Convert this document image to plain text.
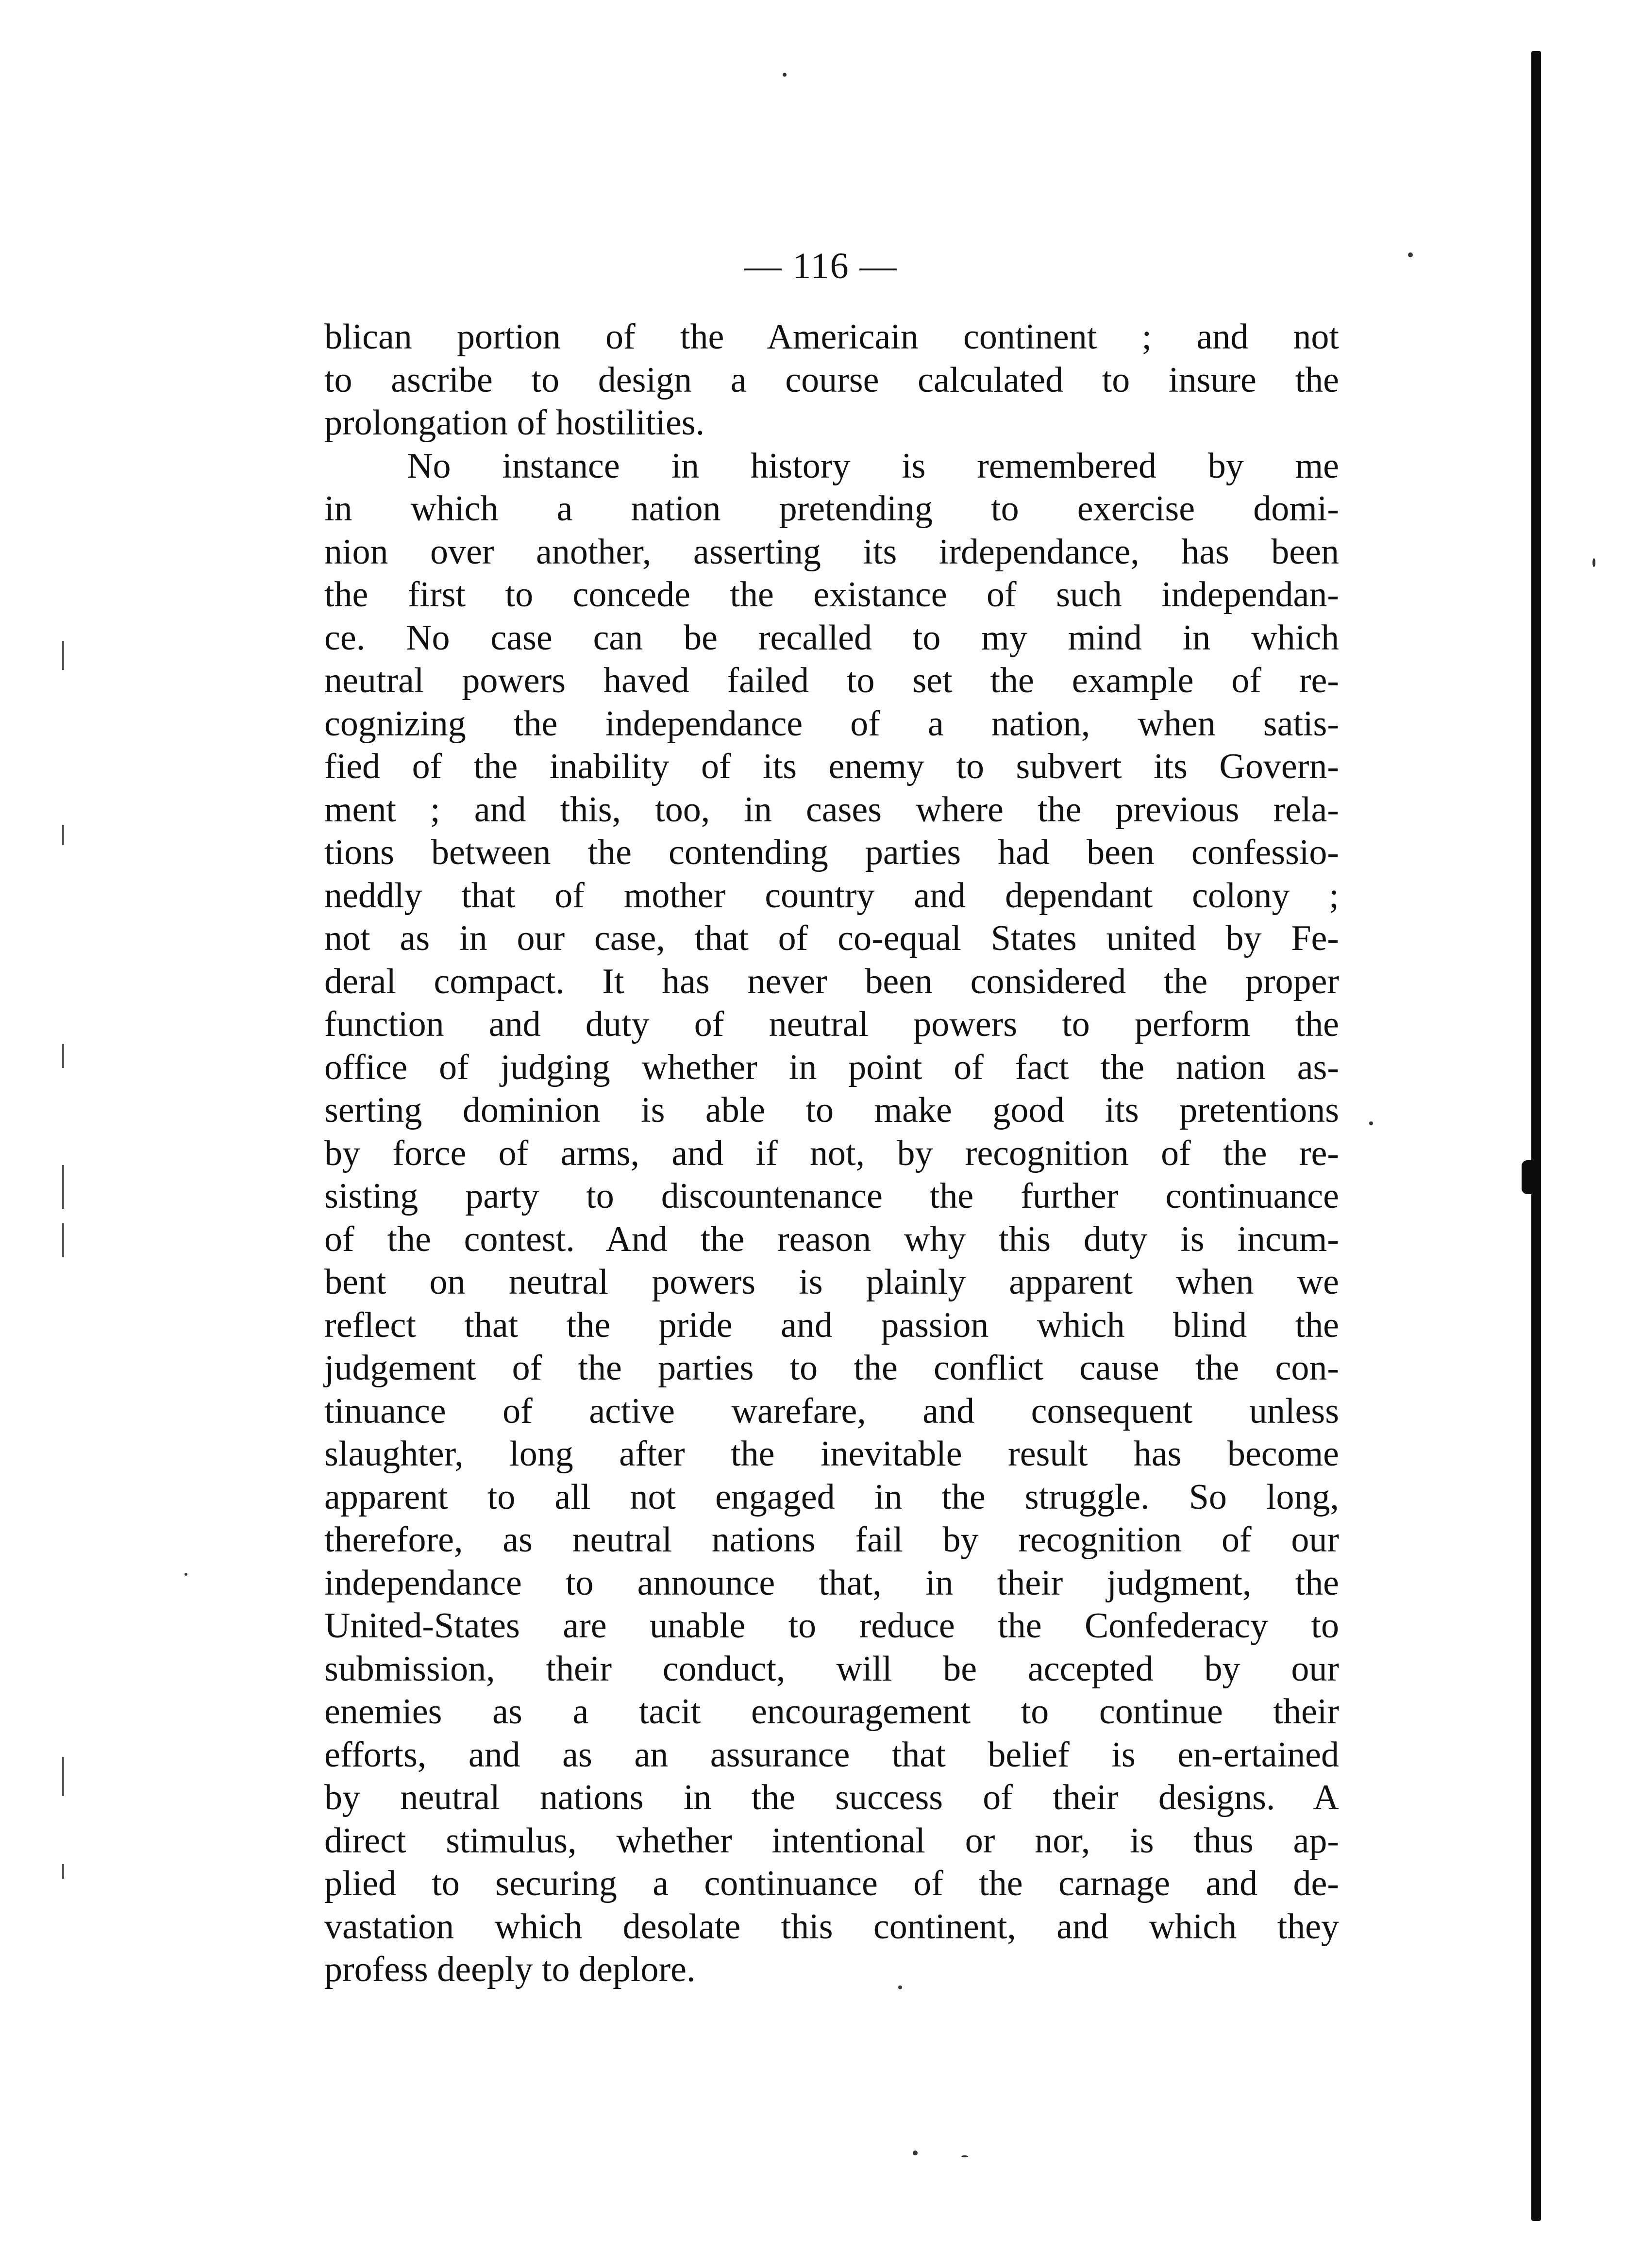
— 116 —
blican portion of the Americain continent ; and not
to ascribe to design a course calculated to insure the
prolongation of hostilities.
No instance in history is remembered by me
in which a nation pretending to exercise domi-
nion over another, asserting its irdependance, has been
the first to concede the existance of such independan-
ce. No case can be recalled to my mind in which
neutral powers haved failed to set the example of re-
cognizing the independance of a nation, when satis-
fied of the inability of its enemy to subvert its Govern-
ment ; and this, too, in cases where the previous rela-
tions between the contending parties had been confessio-
neddly that of mother country and dependant colony ;
not as in our case, that of co-equal States united by Fe-
deral compact. It has never been considered the proper
function and duty of neutral powers to perform the
office of judging whether in point of fact the nation as-
serting dominion is able to make good its pretentions
by force of arms, and if not, by recognition of the re-
sisting party to discountenance the further continuance
of the contest. And the reason why this duty is incum-
bent on neutral powers is plainly apparent when we
reflect that the pride and passion which blind the
judgement of the parties to the conflict cause the con-
tinuance of active warefare, and consequent unless
slaughter, long after the inevitable result has become
apparent to all not engaged in the struggle. So long,
therefore, as neutral nations fail by recognition of our
independance to announce that, in their judgment, the
United-States are unable to reduce the Confederacy to
submission, their conduct, will be accepted by our
enemies as a tacit encouragement to continue their
efforts, and as an assurance that belief is en-ertained
by neutral nations in the success of their designs. A
direct stimulus, whether intentional or nor, is thus ap-
plied to securing a continuance of the carnage and de-
vastation which desolate this continent, and which they
profess deeply to deplore.
